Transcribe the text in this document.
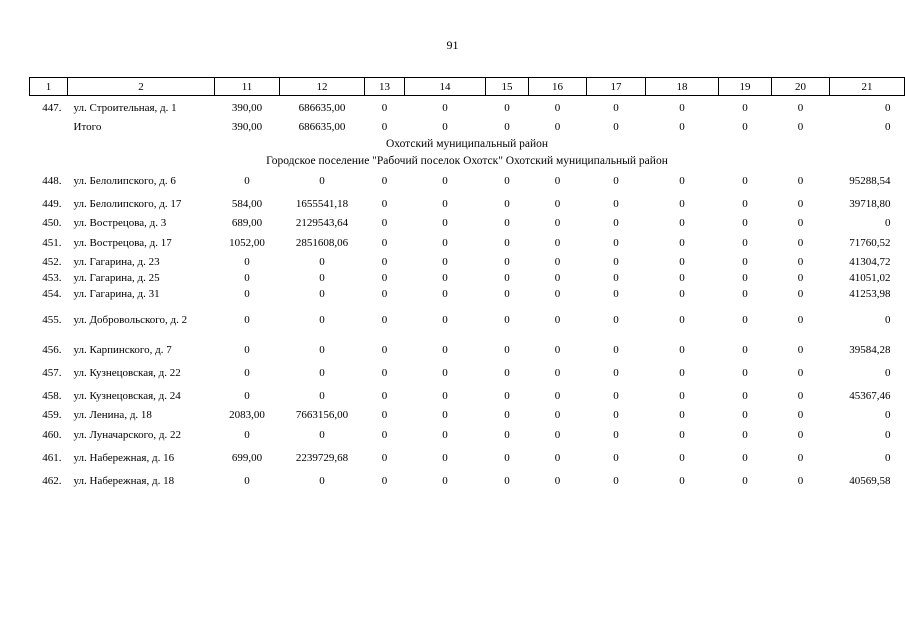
91
1	2	11	12	13	14	15	16	17	18	19	20	21
447.	ул. Строительная, д. 1	390,00	686635,00	0	0	0	0	0	0	0	0	0
	Итого	390,00	686635,00	0	0	0	0	0	0	0	0	0
Охотский муниципальный район												
Городское поселение "Рабочий поселок Охотск" Охотский муниципальный район												
448.	ул. Белолипского, д. 6	0	0	0	0	0	0	0	0	0	0	95288,54
449.	ул. Белолипского, д. 17	584,00	1655541,18	0	0	0	0	0	0	0	0	39718,80
450.	ул. Вострецова, д. 3	689,00	2129543,64	0	0	0	0	0	0	0	0	0
451.	ул. Вострецова, д. 17	1052,00	2851608,06	0	0	0	0	0	0	0	0	71760,52
452.	ул. Гагарина, д. 23	0	0	0	0	0	0	0	0	0	0	41304,72
453.	ул. Гагарина, д. 25	0	0	0	0	0	0	0	0	0	0	41051,02
454.	ул. Гагарина, д. 31	0	0	0	0	0	0	0	0	0	0	41253,98
455.	ул. Добровольского, д. 2	0	0	0	0	0	0	0	0	0	0	0
456.	ул. Карпинского, д. 7	0	0	0	0	0	0	0	0	0	0	39584,28
457.	ул. Кузнецовская, д. 22	0	0	0	0	0	0	0	0	0	0	0
458.	ул. Кузнецовская, д. 24	0	0	0	0	0	0	0	0	0	0	45367,46
459.	ул. Ленина, д. 18	2083,00	7663156,00	0	0	0	0	0	0	0	0	0
460.	ул. Луначарского, д. 22	0	0	0	0	0	0	0	0	0	0	0
461.	ул. Набережная, д. 16	699,00	2239729,68	0	0	0	0	0	0	0	0	0
462.	ул. Набережная, д. 18	0	0	0	0	0	0	0	0	0	0	40569,58
